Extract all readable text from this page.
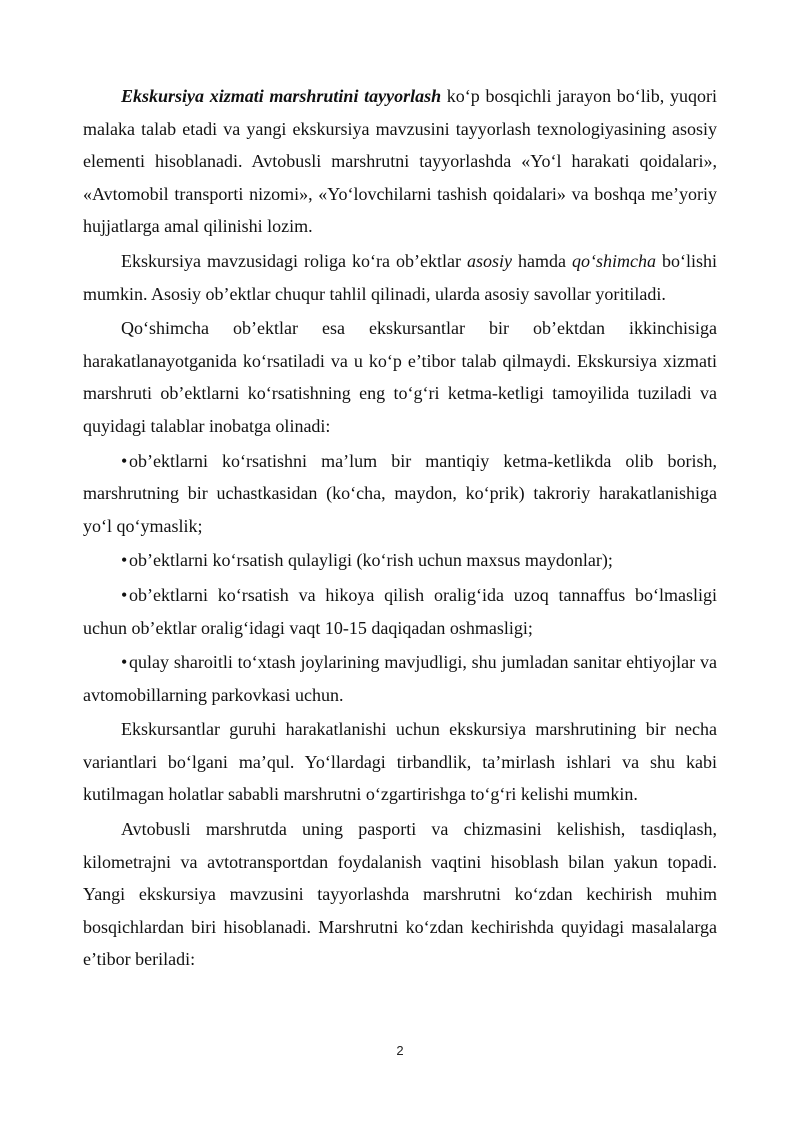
Ekskursiya xizmati marshrutini tayyorlash ko‘p bosqichli jarayon bo‘lib, yuqori malaka talab etadi va yangi ekskursiya mavzusini tayyorlash texnologiyasining asosiy elementi hisoblanadi. Avtobusli marshrutni tayyorlashda «Yo‘l harakati qoidalari», «Avtomobil transporti nizomi», «Yo‘lovchilarni tashish qoidalari» va boshqa me’yoriy hujjatlarga amal qilinishi lozim.

Ekskursiya mavzusidagi roliga ko‘ra ob’ektlar asosiy hamda qo‘shimcha bo‘lishi mumkin. Asosiy ob’ektlar chuqur tahlil qilinadi, ularda asosiy savollar yoritiladi.

Qo‘shimcha ob’ektlar esa ekskursantlar bir ob’ektdan ikkinchisiga harakatlanayotganida ko‘rsatiladi va u ko‘p e’tibor talab qilmaydi. Ekskursiya xizmati marshruti ob’ektlarni ko‘rsatishning eng to‘g‘ri ketma-ketligi tamoyilida tuziladi va quyidagi talablar inobatga olinadi:

•ob’ektlarni ko‘rsatishni ma’lum bir mantiqiy ketma-ketlikda olib borish, marshrutning bir uchastkasidan (ko‘cha, maydon, ko‘prik) takroriy harakatlanishiga yo‘l qo‘ymaslik;

•ob’ektlarni ko‘rsatish qulayligi (ko‘rish uchun maxsus maydonlar);

•ob’ektlarni ko‘rsatish va hikoya qilish oralig‘ida uzoq tannaffus bo‘lmasligi uchun ob’ektlar oralig‘idagi vaqt 10-15 daqiqadan oshmasligi;

•qulay sharoitli to‘xtash joylarining mavjudligi, shu jumladan sanitar ehtiyojlar va avtomobillarning parkovkasi uchun.

Ekskursantlar guruhi harakatlanishi uchun ekskursiya marshrutining bir necha variantlari bo‘lgani ma’qul. Yo‘llardagi tirbandlik, ta’mirlash ishlari va shu kabi kutilmagan holatlar sababli marshrutni o‘zgartirishga to‘g‘ri kelishi mumkin.

Avtobusli marshrutda uning pasporti va chizmasini kelishish, tasdiqlash, kilometrajni va avtotransportdan foydalanish vaqtini hisoblash bilan yakun topadi. Yangi ekskursiya mavzusini tayyorlashda marshrutni ko‘zdan kechirish muhim bosqichlardan biri hisoblanadi. Marshrutni ko‘zdan kechirishda quyidagi masalalarga e’tibor beriladi:

2
